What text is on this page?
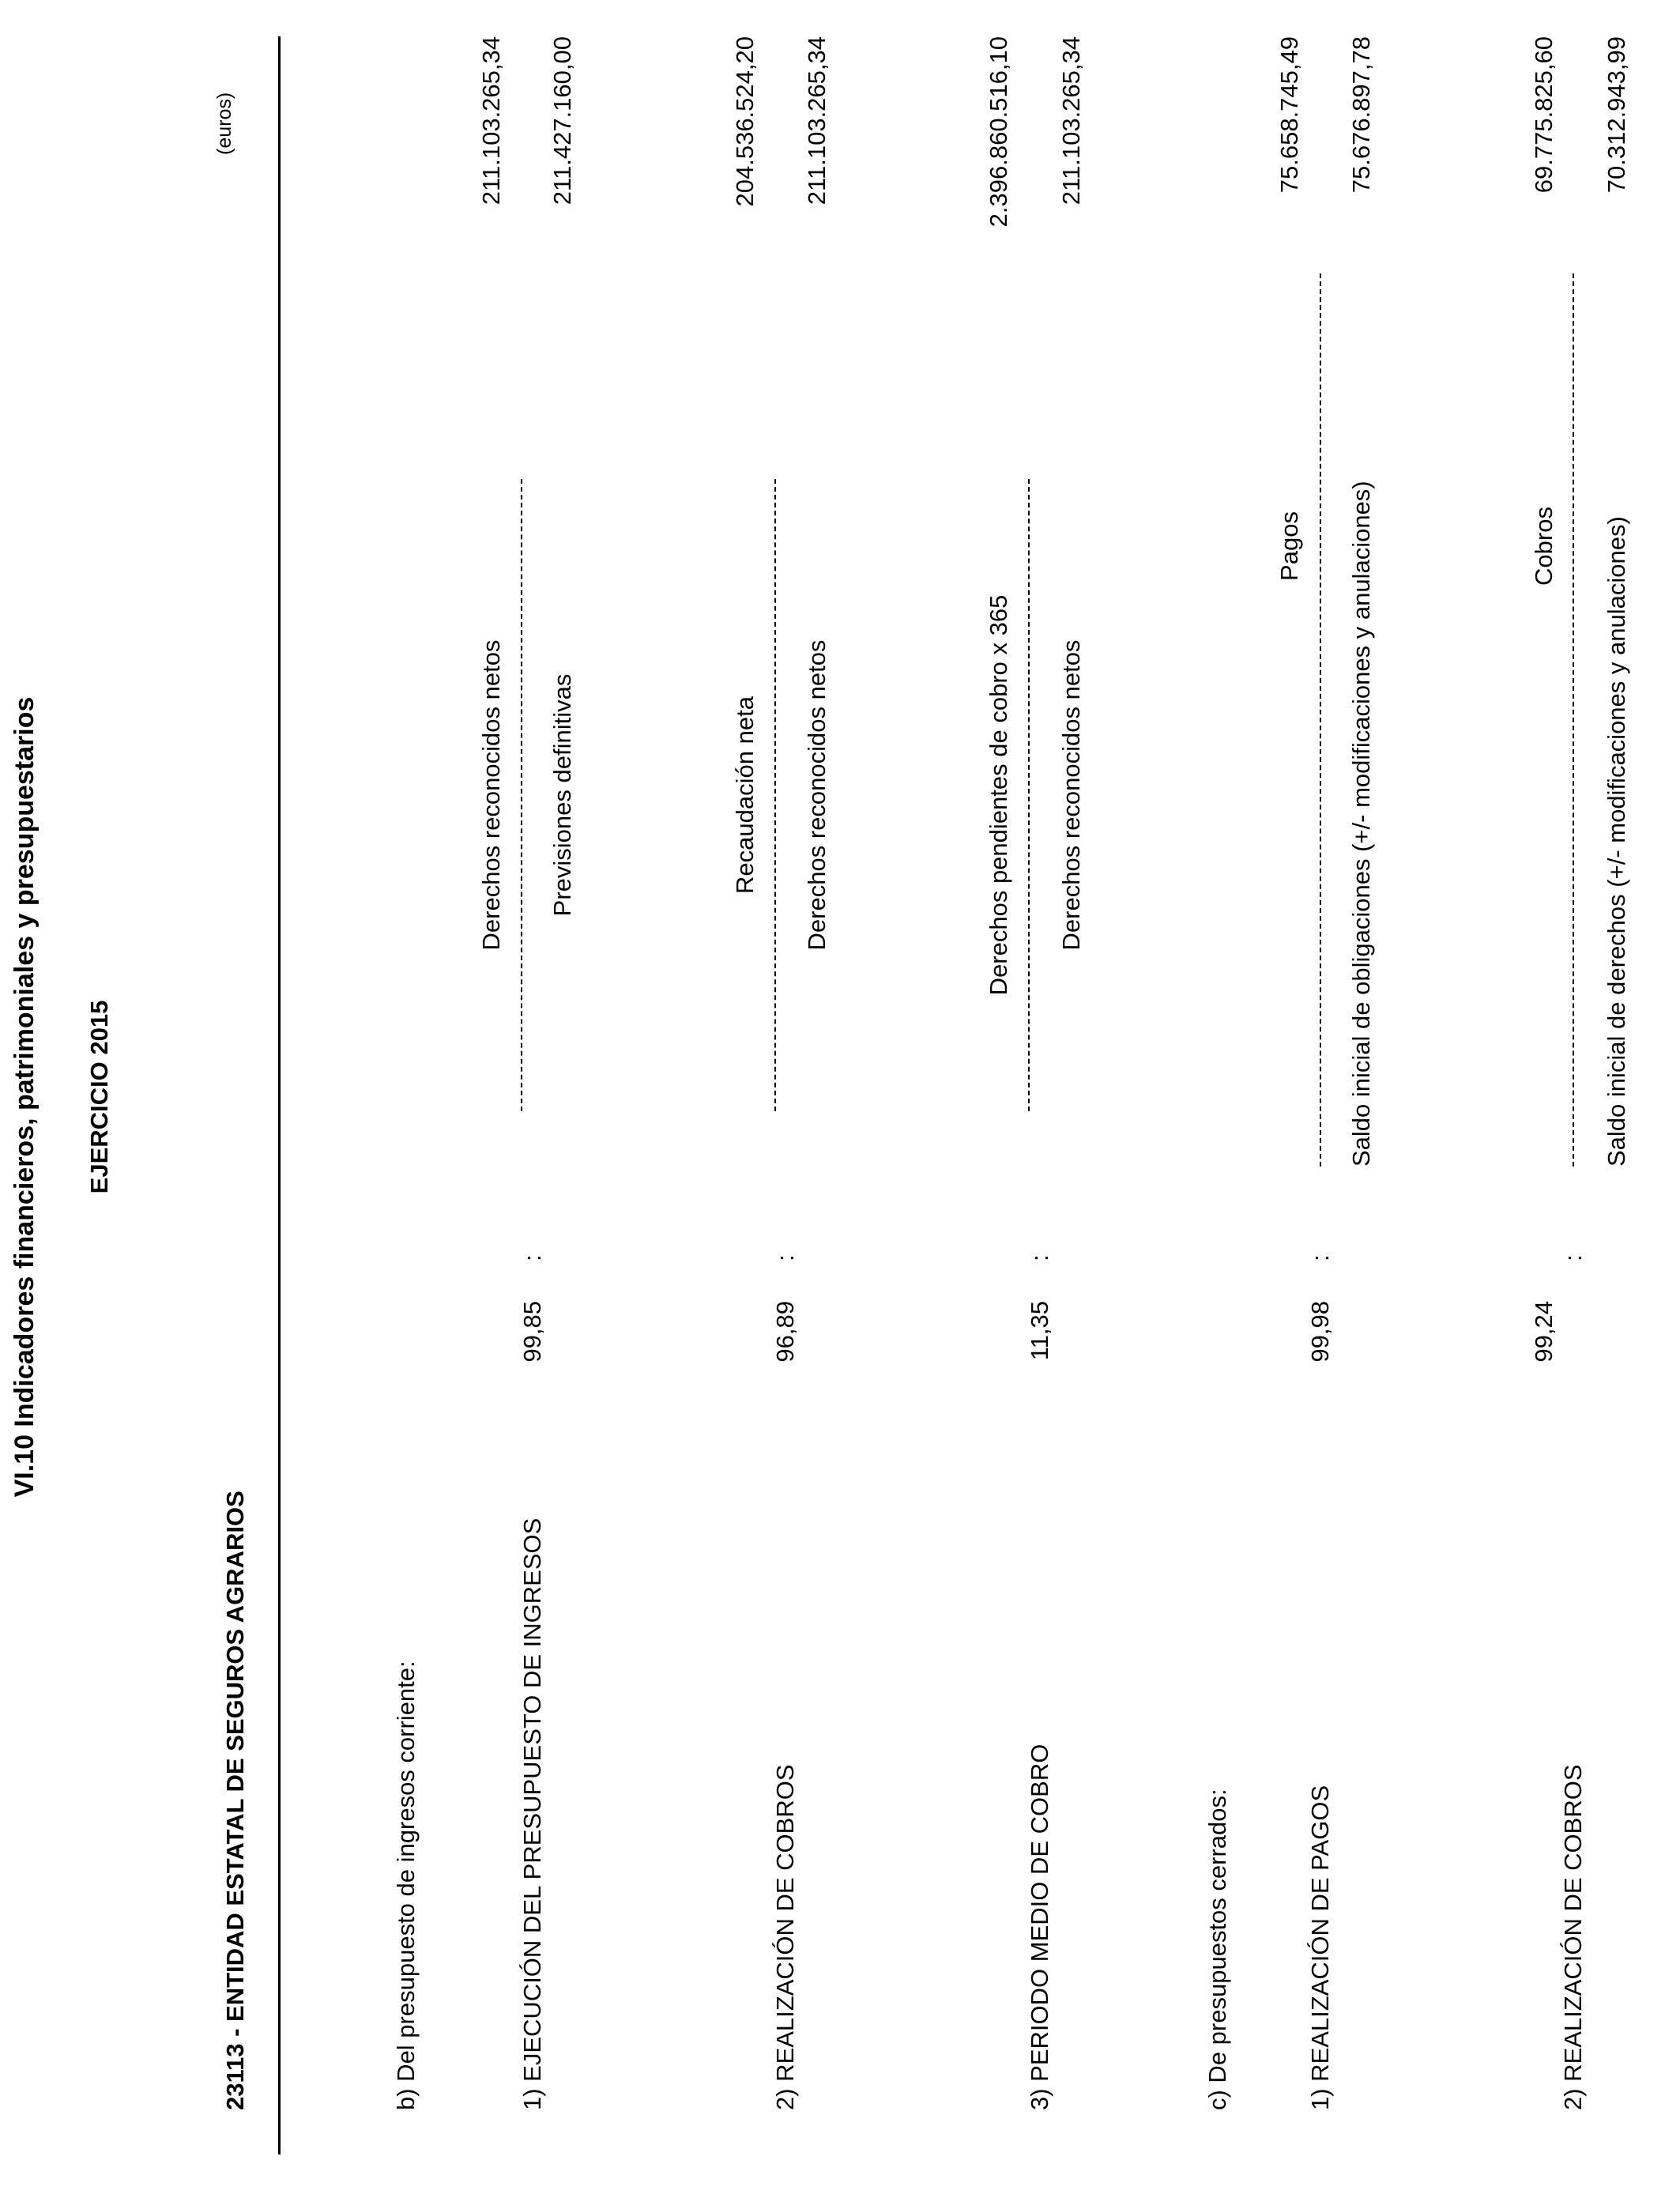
VI.10 Indicadores financieros, patrimoniales y presupuestarios EJERCICIO 2015
23113 - ENTIDAD ESTATAL DE SEGUROS AGRARIOS
(euros)
b) Del presupuesto de ingresos corriente:	1) EJECUCIÓN DEL PRESUPUESTO DE INGRESOS
99,85
:
Derechos reconocidos netos Previsiones definitivas
211.103.265,34 211.427.160,00
2) REALIZACIÓN DE COBROS
96,89
:
Recaudación neta Derechos reconocidos netos
204.536.524,20 211.103.265,34
3) PERIODO MEDIO DE COBRO
11,35
:
Derechos pendientes de cobro x 365 Derechos reconocidos netos
2.396.860.516,10 211.103.265,34
c) De presupuestos cerrados:	1) REALIZACIÓN DE PAGOS
99,98
:
Pagos Saldo inicial de obligaciones (+/- modificaciones y anulaciones)
75.658.745,49 75.676.897,78
2) REALIZACIÓN DE COBROS
99,24
:
Cobros Saldo inicial de derechos (+/- modificaciones y anulaciones)
69.775.825,60 70.312.943,99
